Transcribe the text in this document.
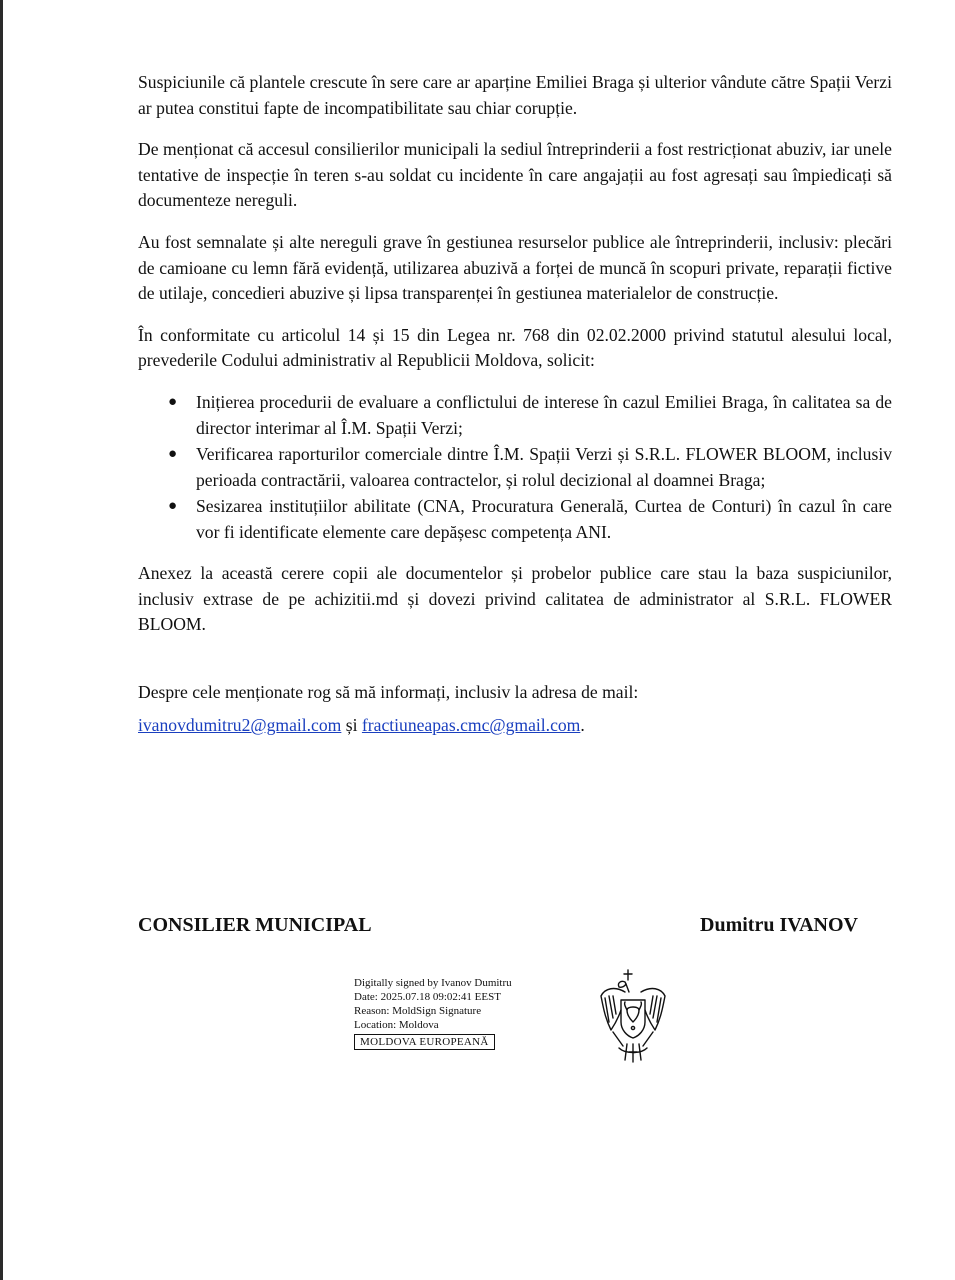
Suspiciunile că plantele crescute în sere care ar aparține Emiliei Braga și ulterior vândute către Spații Verzi ar putea constitui fapte de incompatibilitate sau chiar corupție.

De menționat că accesul consilierilor municipali la sediul întreprinderii a fost restricționat abuziv, iar unele tentative de inspecție în teren s-au soldat cu incidente în care angajații au fost agresați sau împiedicați să documenteze nereguli.

Au fost semnalate și alte nereguli grave în gestiunea resurselor publice ale întreprinderii, inclusiv: plecări de camioane cu lemn fără evidență, utilizarea abuzivă a forței de muncă în scopuri private, reparații fictive de utilaje, concedieri abuzive și lipsa transparenței în gestiunea materialelor de construcție.

În conformitate cu articolul 14 și 15 din Legea nr. 768 din 02.02.2000 privind statutul alesului local, prevederile Codului administrativ al Republicii Moldova, solicit:

● Inițierea procedurii de evaluare a conflictului de interese în cazul Emiliei Braga, în calitatea sa de director interimar al Î.M. Spații Verzi;
● Verificarea raporturilor comerciale dintre Î.M. Spații Verzi și S.R.L. FLOWER BLOOM, inclusiv perioada contractării, valoarea contractelor, și rolul decizional al doamnei Braga;
● Sesizarea instituțiilor abilitate (CNA, Procuratura Generală, Curtea de Conturi) în cazul în care vor fi identificate elemente care depășesc competența ANI.

Anexez la această cerere copii ale documentelor și probelor publice care stau la baza suspiciunilor, inclusiv extrase de pe achizitii.md și dovezi privind calitatea de administrator al S.R.L. FLOWER BLOOM.

Despre cele menționate rog să mă informați, inclusiv la adresa de mail:

ivanovdumitru2@gmail.com și fractiuneapas.cmc@gmail.com.

CONSILIER MUNICIPAL	Dumitru IVANOV
Digitally signed by Ivanov Dumitru
Date: 2025.07.18 09:02:41 EEST
Reason: MoldSign Signature
Location: Moldova
MOLDOVA EUROPEANĂ
